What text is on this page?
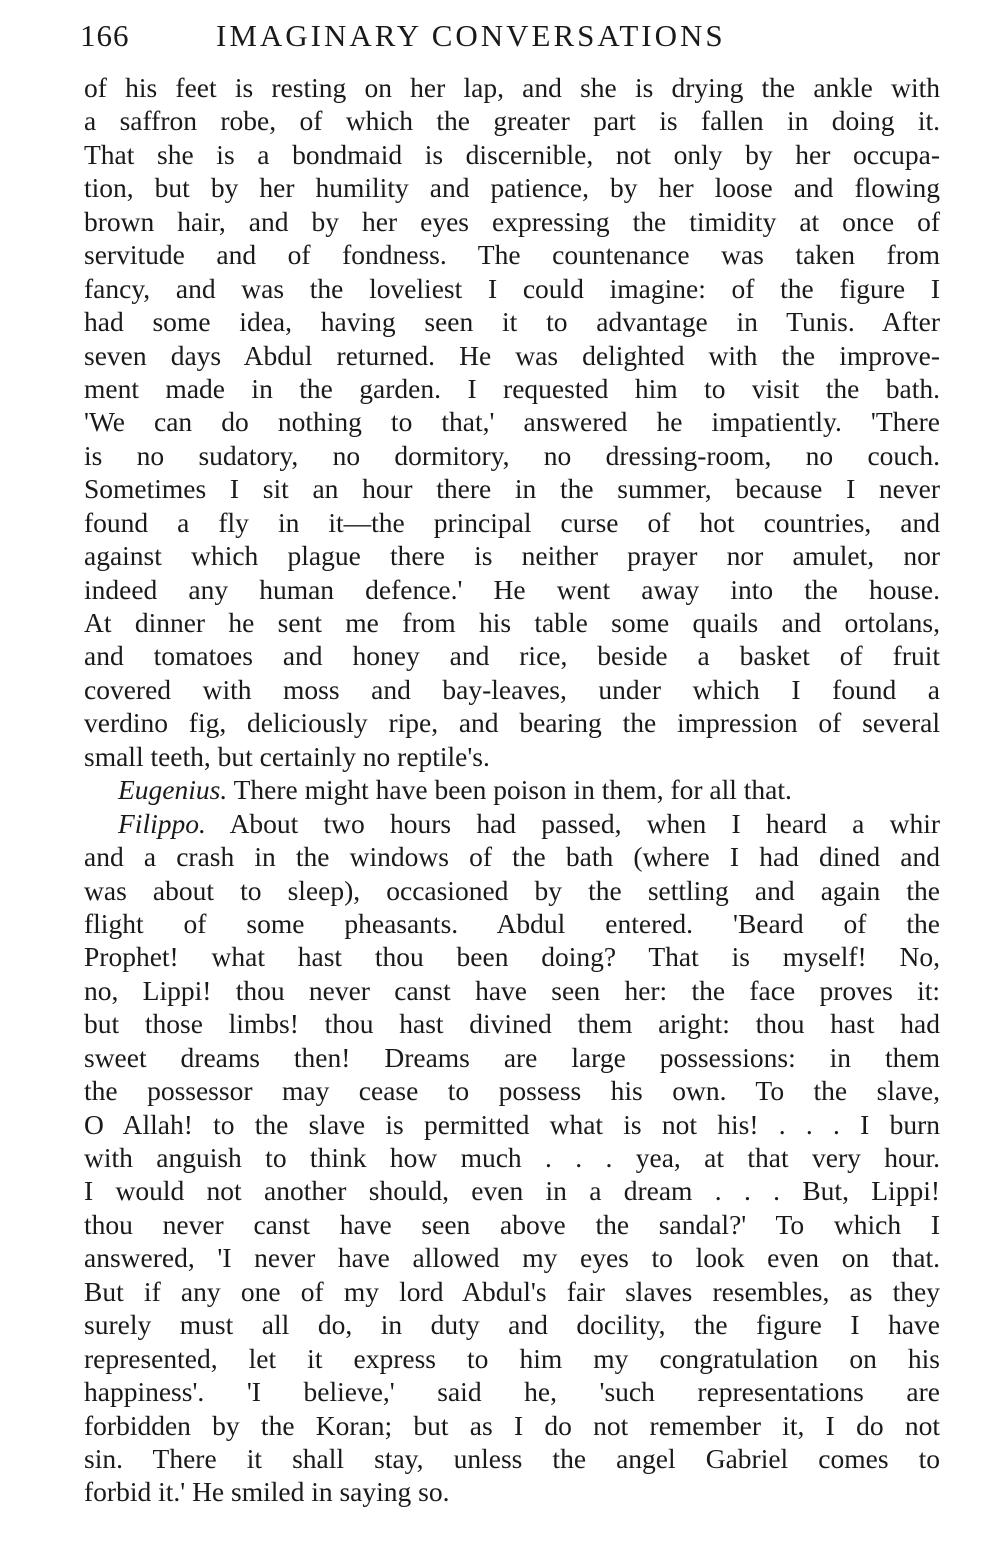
166	IMAGINARY CONVERSATIONS
of his feet is resting on her lap, and she is drying the ankle with
a saffron robe, of which the greater part is fallen in doing it.
That she is a bondmaid is discernible, not only by her occupa-
tion, but by her humility and patience, by her loose and flowing
brown hair, and by her eyes expressing the timidity at once of
servitude and of fondness. The countenance was taken from
fancy, and was the loveliest I could imagine: of the figure I
had some idea, having seen it to advantage in Tunis. After
seven days Abdul returned. He was delighted with the improve-
ment made in the garden. I requested him to visit the bath.
'We can do nothing to that,' answered he impatiently. 'There
is no sudatory, no dormitory, no dressing-room, no couch.
Sometimes I sit an hour there in the summer, because I never
found a fly in it—the principal curse of hot countries, and
against which plague there is neither prayer nor amulet, nor
indeed any human defence.' He went away into the house.
At dinner he sent me from his table some quails and ortolans,
and tomatoes and honey and rice, beside a basket of fruit
covered with moss and bay-leaves, under which I found a
verdino fig, deliciously ripe, and bearing the impression of several
small teeth, but certainly no reptile's.
Eugenius. There might have been poison in them, for all that.
Filippo. About two hours had passed, when I heard a whir
and a crash in the windows of the bath (where I had dined and
was about to sleep), occasioned by the settling and again the
flight of some pheasants. Abdul entered. 'Beard of the
Prophet! what hast thou been doing? That is myself! No,
no, Lippi! thou never canst have seen her: the face proves it:
but those limbs! thou hast divined them aright: thou hast had
sweet dreams then! Dreams are large possessions: in them
the possessor may cease to possess his own. To the slave,
O Allah! to the slave is permitted what is not his! . . . I burn
with anguish to think how much . . . yea, at that very hour.
I would not another should, even in a dream . . . But, Lippi!
thou never canst have seen above the sandal?' To which I
answered, 'I never have allowed my eyes to look even on that.
But if any one of my lord Abdul's fair slaves resembles, as they
surely must all do, in duty and docility, the figure I have
represented, let it express to him my congratulation on his
happiness'. 'I believe,' said he, 'such representations are
forbidden by the Koran; but as I do not remember it, I do not
sin. There it shall stay, unless the angel Gabriel comes to
forbid it.' He smiled in saying so.
